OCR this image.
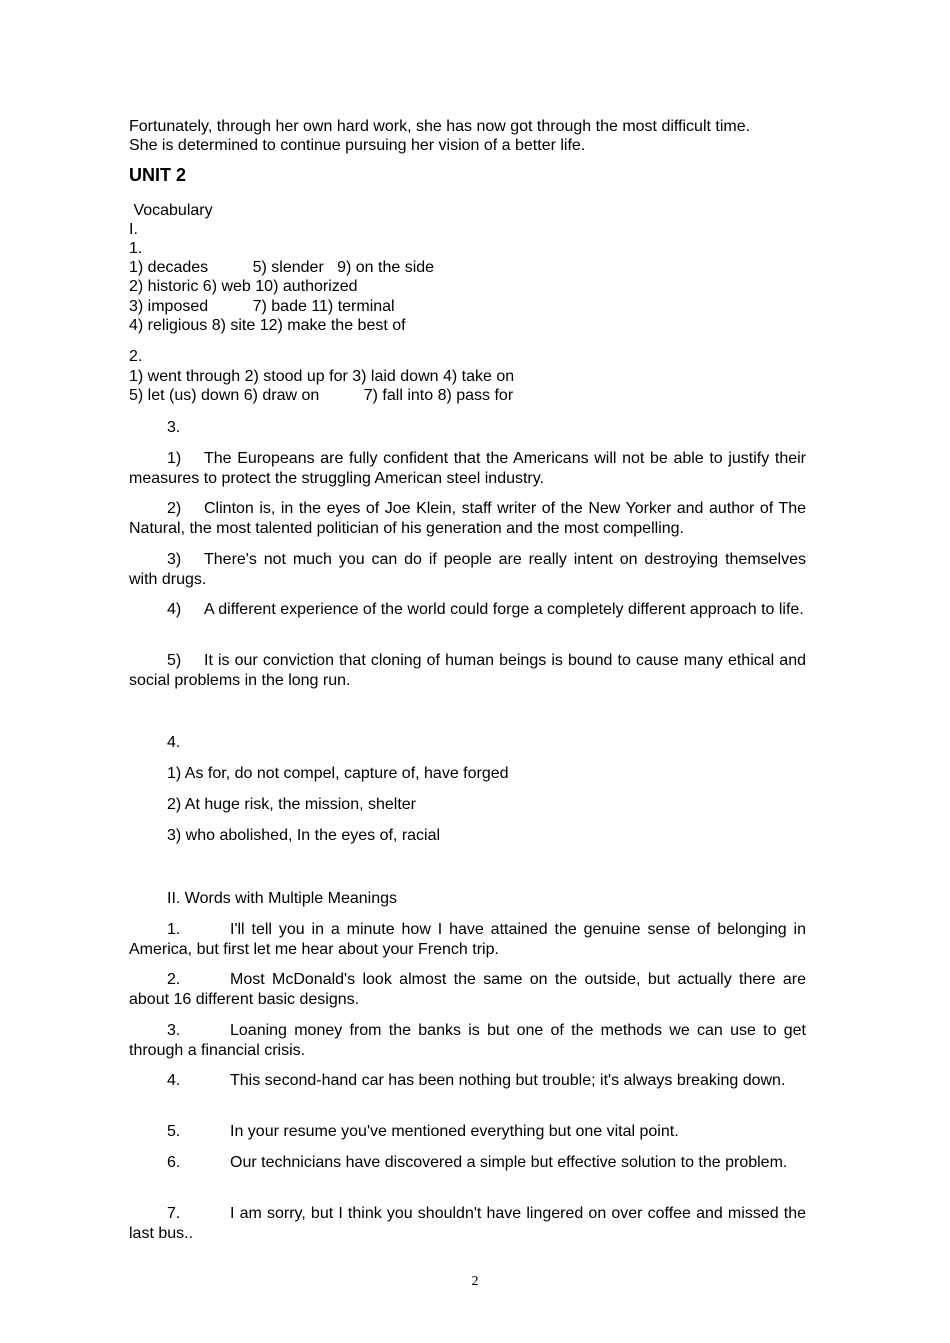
Fortunately, through her own hard work, she has now got through the most difficult time.
She is determined to continue pursuing her vision of a better life.
UNIT 2
Vocabulary
I.
1.
1) decades          5) slender   9) on the side
2) historic 6) web 10) authorized
3) imposed          7) bade 11) terminal
4) religious 8) site 12) make the best of
2.
1) went through 2) stood up for 3) laid down 4) take on
5) let (us) down 6) draw on          7) fall into 8) pass for
3.
1) The Europeans are fully confident that the Americans will not be able to justify their measures to protect the struggling American steel industry.
2) Clinton is, in the eyes of Joe Klein, staff writer of the New Yorker and author of The Natural, the most talented politician of his generation and the most compelling.
3) There's not much you can do if people are really intent on destroying themselves with drugs.
4) A different experience of the world could forge a completely different approach to life.
5) It is our conviction that cloning of human beings is bound to cause many ethical and social problems in the long run.
4.
1) As for, do not compel, capture of, have forged
2) At huge risk, the mission, shelter
3) who abolished, In the eyes of, racial
II. Words with Multiple Meanings
1.	I'll tell you in a minute how I have attained the genuine sense of belonging in America, but first let me hear about your French trip.
2.	Most McDonald's look almost the same on the outside, but actually there are about 16 different basic designs.
3.	Loaning money from the banks is but one of the methods we can use to get through a financial crisis.
4.	This second-hand car has been nothing but trouble; it's always breaking down.
5.	In your resume you've mentioned everything but one vital point.
6.	Our technicians have discovered a simple but effective solution to the problem.
7.	I am sorry, but I think you shouldn't have lingered on over coffee and missed the last bus..
2
